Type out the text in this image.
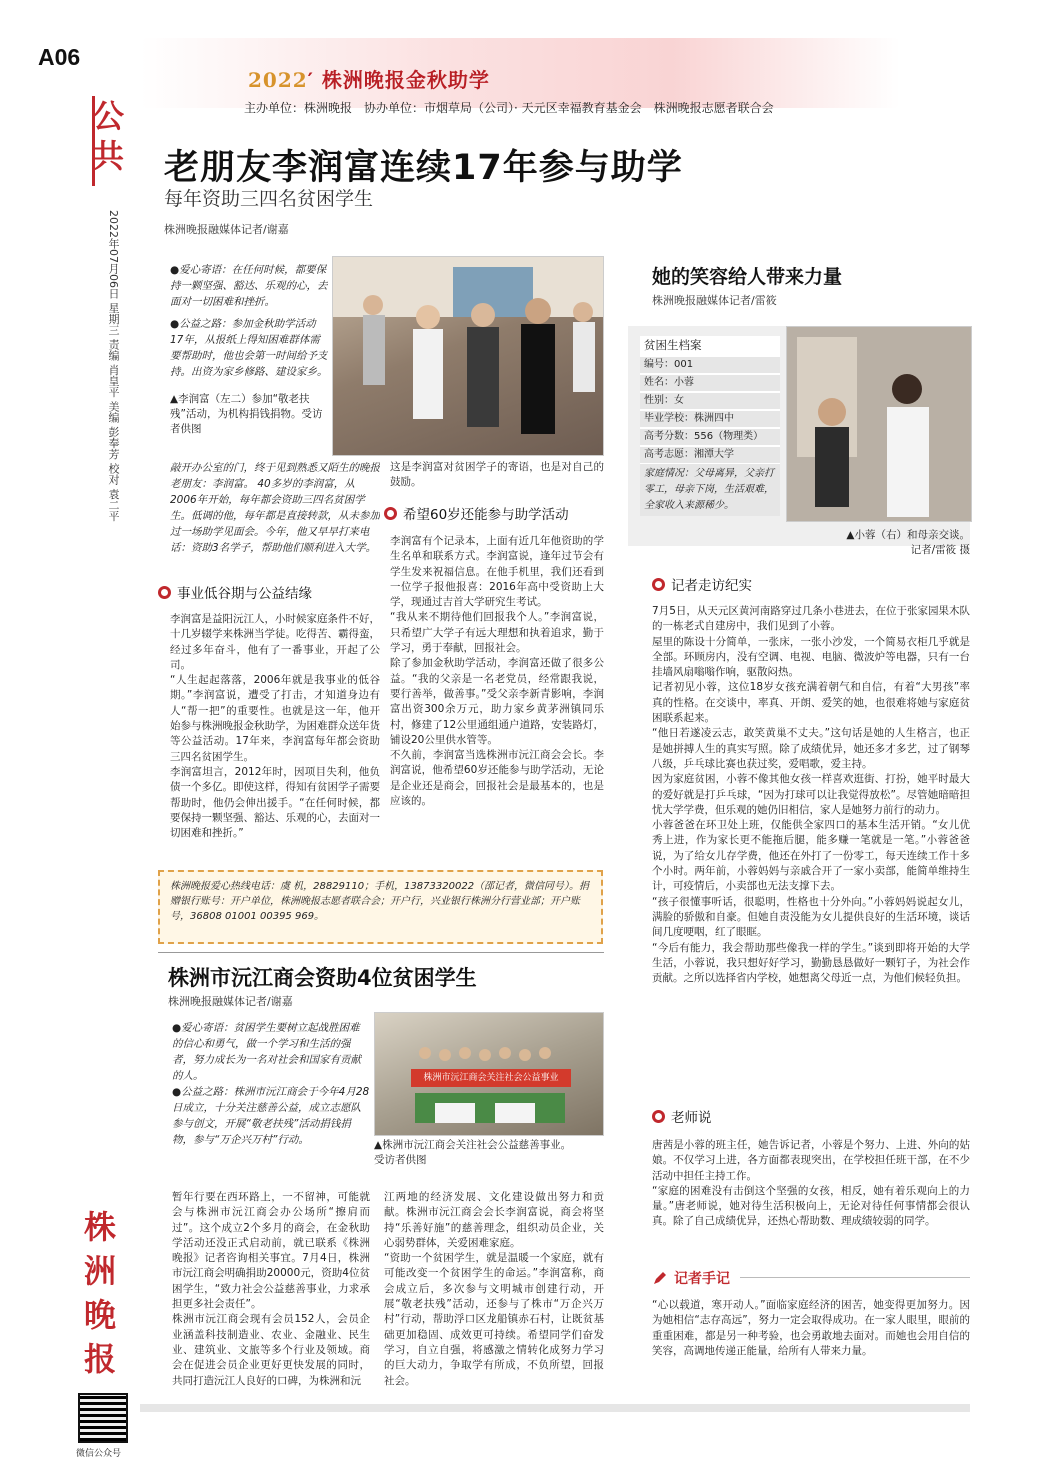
A06
公共
2022年07月06日 星期三 责编 肖皇平 美编 彭奉芳 校对 袁二平
株洲晚报
微信公众号
2022′ 株洲晚报金秋助学
主办单位：株洲晚报　协办单位：市烟草局（公司）· 天元区幸福教育基金会　株洲晚报志愿者联合会
老朋友李润富连续17年参与助学
每年资助三四名贫困学生
株洲晚报融媒体记者/谢嘉
●爱心寄语：在任何时候，都要保持一颗坚强、豁达、乐观的心，去面对一切困难和挫折。
●公益之路：参加金秋助学活动17年，从报纸上得知困难群体需要帮助时，他也会第一时间给予支持。出资为家乡修路、建设家乡。
▲李润富（左二）参加“敬老扶残”活动，为机构捐钱捐物。受访者供图
敲开办公室的门，终于见到熟悉又陌生的晚报老朋友：李润富。 40多岁的李润富，从2006年开始，每年都会资助三四名贫困学生。低调的他，每年都是直接转款，从未参加过一场助学见面会。今年，他又早早打来电话：资助3名学子，帮助他们顺利进入大学。
事业低谷期与公益结缘
李润富是益阳沅江人，小时候家庭条件不好，十几岁辍学来株洲当学徒。吃得苦、霸得蛮，经过多年奋斗，他有了一番事业，开起了公司。
“人生起起落落，2006年就是我事业的低谷期。”李润富说，遭受了打击，才知道身边有人“帮一把”的重要性。也就是这一年，他开始参与株洲晚报金秋助学，为困难群众送年货等公益活动。17年来，李润富每年都会资助三四名贫困学生。
李润富坦言，2012年时，因项目失利，他负债一个多亿。即使这样，得知有贫困学子需要帮助时，他仍会伸出援手。“在任何时候，都要保持一颗坚强、豁达、乐观的心，去面对一切困难和挫折。”
这是李润富对贫困学子的寄语，也是对自己的鼓励。
希望60岁还能参与助学活动
李润富有个记录本，上面有近几年他资助的学生名单和联系方式。李润富说，逢年过节会有学生发来祝福信息。在他手机里，我们还看到一位学子报他报喜：2016年高中受资助上大学，现通过吉首大学研究生考试。
“我从来不期待他们回报我个人。”李润富说，只希望广大学子有远大理想和执着追求，勤于学习，勇于奉献，回报社会。
除了参加金秋助学活动，李润富还做了很多公益。“我的父亲是一名老党员，经常跟我说，要行善举，做善事。”受父亲李新青影响，李润富出资300余万元，助力家乡黄茅洲镇同乐村，修建了12公里通组通户道路，安装路灯，铺设20公里供水管等。
不久前，李润富当选株洲市沅江商会会长。李润富说，他希望60岁还能参与助学活动，无论是企业还是商会，回报社会是最基本的，也是应该的。
株洲晚报爱心热线电话：虞 机，28829110；手机，13873320022（邵记者，微信同号）。捐赠银行账号：开户单位，株洲晚报志愿者联合会；开户行，兴业银行株洲分行营业部；开户账号，36808 01001 00395 969。
株洲市沅江商会资助4位贫困学生
株洲晚报融媒体记者/谢嘉
●爱心寄语：贫困学生要树立起战胜困难的信心和勇气，做一个学习和生活的强者，努力成长为一名对社会和国家有贡献的人。
●公益之路：株洲市沅江商会于今年4月28日成立，十分关注慈善公益，成立志愿队参与创文，开展“敬老扶残”活动捐钱捐物，参与“万企兴万村”行动。
株洲市沅江商会关注社会公益事业
▲株洲市沅江商会关注社会公益慈善事业。　　　　　受访者供图
暂年行要在西环路上，一不留神，可能就会与株洲市沅江商会办公场所“擦肩而过”。这个成立2个多月的商会，在金秋助学活动还没正式启动前，就已联系《株洲晚报》记者咨询相关事宜。7月4日，株洲市沅江商会明确捐助20000元，资助4位贫困学生，“致力社会公益慈善事业，力求承担更多社会责任”。
株洲市沅江商会现有会员152人，会员企业涵盖科技制造业、农业、金融业、民生业、建筑业、文旅等多个行业及领域。商会在促进会员企业更好更快发展的同时，共同打造沅江人良好的口碑，为株洲和沅
江两地的经济发展、文化建设做出努力和贡献。株洲市沅江商会会长李润富说，商会将坚持“乐善好施”的慈善理念，组织动员企业，关心弱势群体，关爱困难家庭。
“资助一个贫困学生，就是温暖一个家庭，就有可能改变一个贫困学生的命运。”李润富称，商会成立后，多次参与文明城市创建行动，开展“敬老扶残”活动，还参与了株市“万企兴万村”行动，帮助浮口区龙船镇赤石村，让既贫基础更加稳固、成效更可持续。希望同学们奋发学习，自立自强，将感激之情转化成努力学习的巨大动力，争取学有所成，不负所望，回报社会。
她的笑容给人带来力量
株洲晚报融媒体记者/雷筱
贫困生档案
编号：001
姓名：小蓉
性别：女
毕业学校：株洲四中
高考分数：556（物理类）
高考志愿：湘潭大学
家庭情况：父母离异，父亲打零工，母亲下岗，生活艰难，全家收入来源稀少。
▲小蓉（右）和母亲交谈。
记者/雷筱 摄
记者走访纪实
7月5日，从天元区黄河南路穿过几条小巷进去，在位于张家园果木队的一栋老式自建房中，我们见到了小蓉。
屋里的陈设十分简单，一张床，一张小沙发，一个简易衣柜几乎就是全部。环顾房内，没有空调、电视、电脑、微波炉等电器，只有一台挂墙风扇嗡嗡作响，驱散闷热。
记者初见小蓉，这位18岁女孩充满着朝气和自信，有着“大男孩”率真的性格。在交谈中，率真、开朗、爱笑的她，也很难将她与家庭贫困联系起来。
“他日若遂凌云志，敢笑黄巢不丈夫。”这句话是她的人生格言，也正是她拼搏人生的真实写照。除了成绩优异，她还多才多艺，过了钢琴八级，乒乓球比赛也获过奖，爱唱歌，爱主持。
因为家庭贫困，小蓉不像其他女孩一样喜欢逛街、打扮，她平时最大的爱好就是打乒乓球，“因为打球可以让我觉得放松”。尽管她暗暗担忧大学学费，但乐观的她仍旧相信，家人是她努力前行的动力。
小蓉爸爸在环卫处上班，仅能供全家四口的基本生活开销。“女儿优秀上进，作为家长更不能拖后腿，能多赚一笔就是一笔。”小蓉爸爸说，为了给女儿存学费，他还在外打了一份零工，每天连续工作十多个小时。两年前，小蓉妈妈与亲戚合开了一家小卖部，能简单维持生计，可疫情后，小卖部也无法支撑下去。
“孩子很懂事听话，很聪明，性格也十分外向。”小蓉妈妈说起女儿，满脸的骄傲和自豪。但她自责没能为女儿提供良好的生活环境，谈话间几度哽咽，红了眼眶。
“今后有能力，我会帮助那些像我一样的学生。”谈到即将开始的大学生活，小蓉说，我只想好好学习，勤勤恳恳做好一颗钉子，为社会作贡献。之所以选择省内学校，她想离父母近一点，为他们候轻负担。
老师说
唐茜是小蓉的班主任，她告诉记者，小蓉是个努力、上进、外向的姑娘。不仅学习上进，各方面都表现突出，在学校担任班干部，在不少活动中担任主持工作。
“家庭的困难没有击倒这个坚强的女孩，相反，她有着乐观向上的力量。”唐老师说，她对待生活积极向上，无论对待任何事情都会很认真。除了自己成绩优异，还热心帮助数、理成绩较弱的同学。
记者手记
“心以载道，寒开动人。”面临家庭经济的困苦，她变得更加努力。因为她相信“志存高远”，努力一定会取得成功。在一家人眼里，眼前的重重困难，都是另一种考验，也会勇敢地去面对。而她也会用自信的笑容，高调地传递正能量，给所有人带来力量。
